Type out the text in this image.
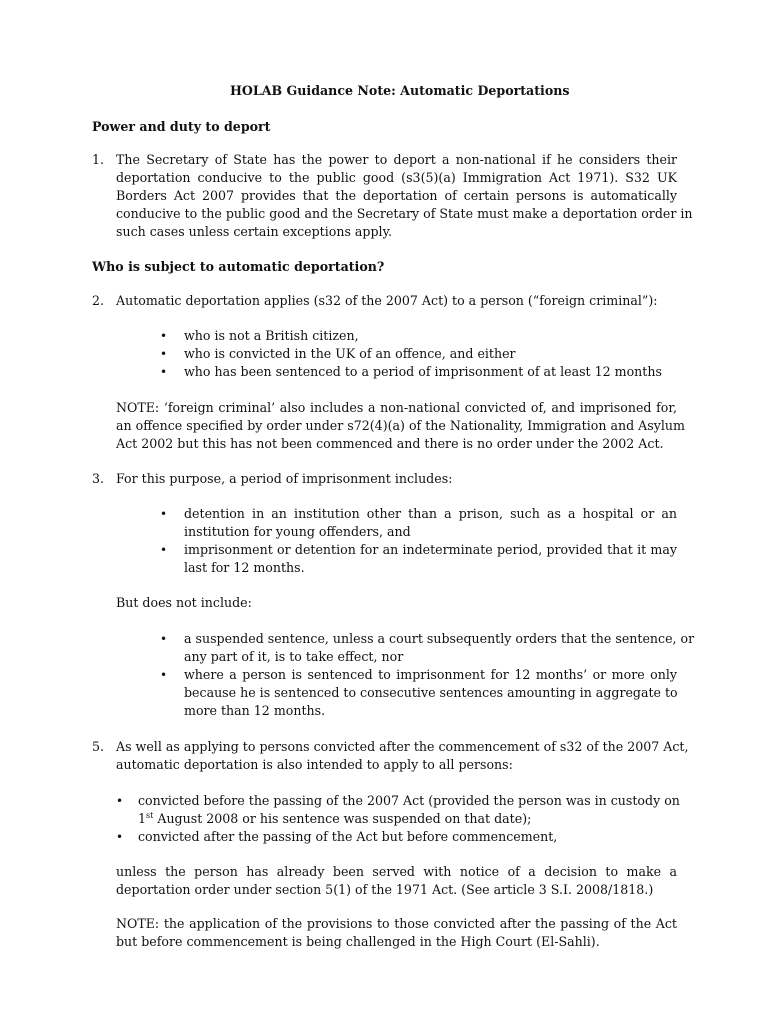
HOLAB Guidance Note: Automatic Deportations
Power and duty to deport
1. The Secretary of State has the power to deport a non-national if he considers their
deportation conducive to the public good (s3(5)(a) Immigration Act 1971). S32 UK
Borders Act 2007 provides that the deportation of certain persons is automatically
conducive to the public good and the Secretary of State must make a deportation order in
such cases unless certain exceptions apply.
Who is subject to automatic deportation?
2. Automatic deportation applies (s32 of the 2007 Act) to a person (“foreign criminal”):
• who is not a British citizen,
• who is convicted in the UK of an offence, and either
• who has been sentenced to a period of imprisonment of at least 12 months
NOTE: ‘foreign criminal’ also includes a non-national convicted of, and imprisoned for,
an offence specified by order under s72(4)(a) of the Nationality, Immigration and Asylum
Act 2002 but this has not been commenced and there is no order under the 2002 Act.
3. For this purpose, a period of imprisonment includes:
• detention in an institution other than a prison, such as a hospital or an
institution for young offenders, and
• imprisonment or detention for an indeterminate period, provided that it may
last for 12 months.
But does not include:
• a suspended sentence, unless a court subsequently orders that the sentence, or
any part of it, is to take effect, nor
• where a person is sentenced to imprisonment for 12 months’ or more only
because he is sentenced to consecutive sentences amounting in aggregate to
more than 12 months.
5. As well as applying to persons convicted after the commencement of s32 of the 2007 Act,
automatic deportation is also intended to apply to all persons:
• convicted before the passing of the 2007 Act (provided the person was in custody on
1st August 2008 or his sentence was suspended on that date);
• convicted after the passing of the Act but before commencement,
unless the person has already been served with notice of a decision to make a
deportation order under section 5(1) of the 1971 Act. (See article 3 S.I. 2008/1818.)
NOTE: the application of the provisions to those convicted after the passing of the Act
but before commencement is being challenged in the High Court (El-Sahli).
